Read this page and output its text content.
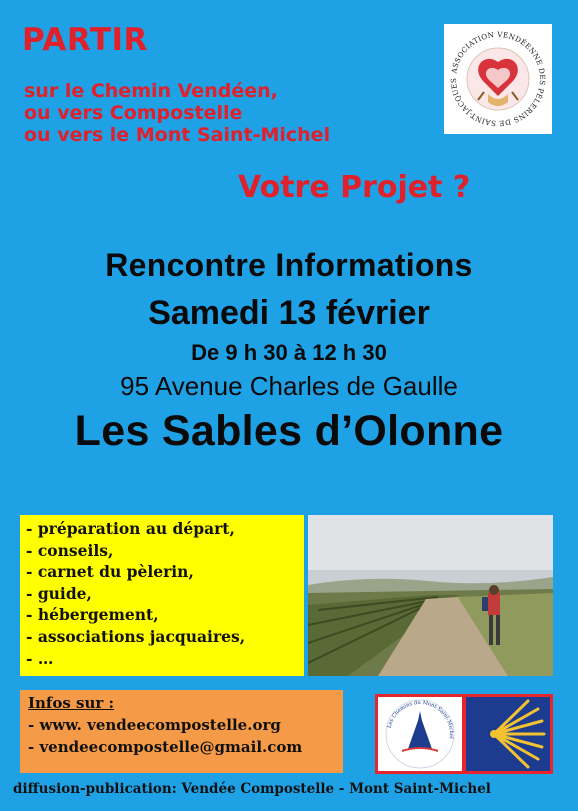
PARTIR
sur le Chemin Vendéen,
ou vers Compostelle
ou vers le Mont Saint-Michel
Votre Projet ?
ASSOCIATION VENDÉENNE DES PÈLERINS DE SAINT-JACQUES
Rencontre Informations
Samedi 13 février
De 9 h 30 à 12 h 30
95 Avenue Charles de Gaulle
Les Sables d’Olonne
- préparation au départ,
- conseils,
- carnet du pèlerin,
- guide,
- hébergement,
- associations jacquaires,
- …
Infos sur :
- www. vendeecompostelle.org
- vendeecompostelle@gmail.com
Les Chemins du Mont-Saint-Michel
diffusion-publication: Vendée Compostelle - Mont Saint-Michel
